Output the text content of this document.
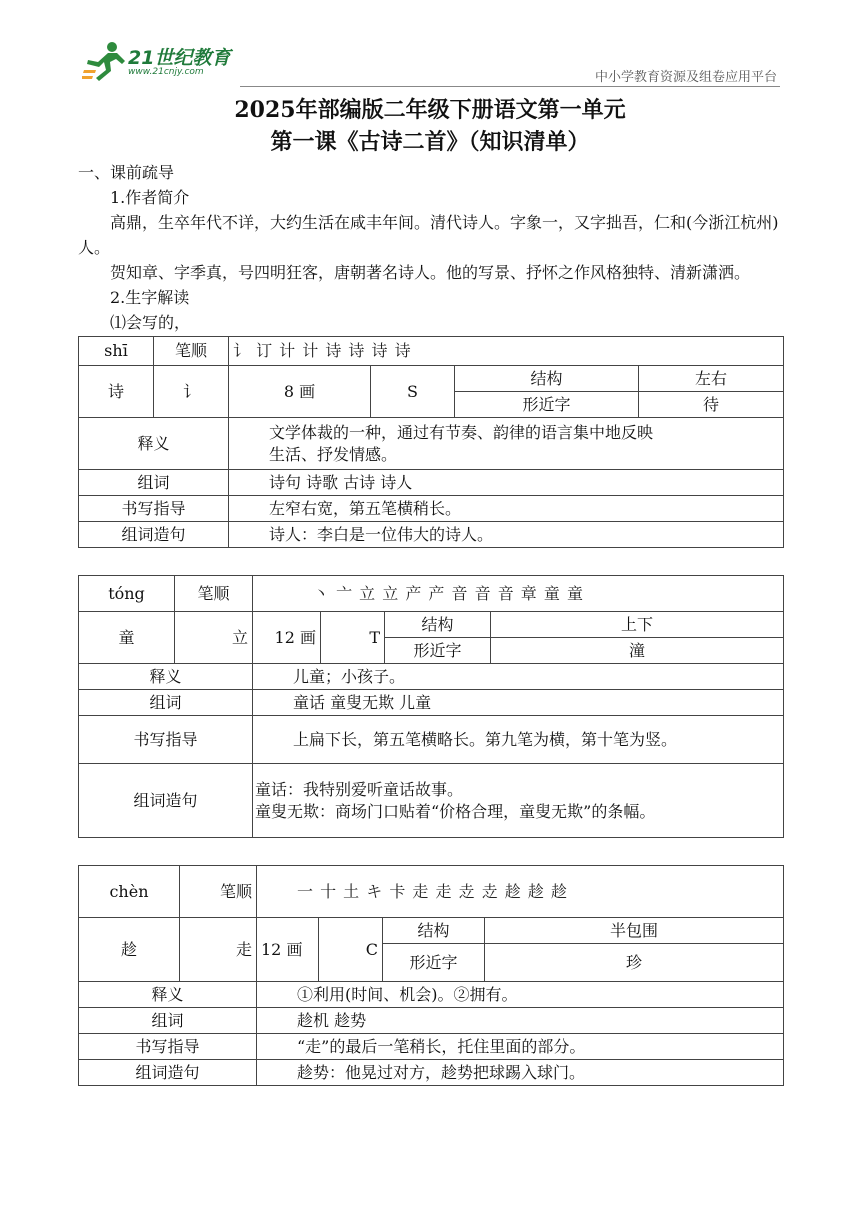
21世纪教育
www.21cnjy.com	中小学教育资源及组卷应用平台
2025年部编版二年级下册语文第一单元
第一课《古诗二首》（知识清单）

一、课前疏导

1.作者简介

高鼎，生卒年代不详，大约生活在咸丰年间。清代诗人。字象一，又字拙吾，仁和(今浙江杭州)人。

贺知章、字季真，号四明狂客，唐朝著名诗人。他的写景、抒怀之作风格独特、清新潇洒。

2.生字解读

⑴会写的，

shī	笔顺	讠 订 计 计 诗 诗 诗 诗			
诗	讠	8 画	S	结构	左右
				形近字	待
释义		文学体裁的一种，通过有节奏、韵律的语言集中地反映生活、抒发情感。			
组词		诗句 诗歌 古诗 诗人			
书写指导		左窄右宽，第五笔横稍长。			
组词造句		诗人：李白是一位伟大的诗人。			
tóng	笔顺	丶 亠 立 立 产 产 音 音 音 章 童 童			
童	立	12 画	T	结构	上下
				形近字	潼
释义		儿童；小孩子。			
组词		童话 童叟无欺 儿童			
书写指导		上扁下长，第五笔横略长。第九笔为横，第十笔为竖。			
组词造句		童话：我特别爱听童话故事。
童叟无欺：商场门口贴着“价格合理，童叟无欺”的条幅。			
chèn	笔顺	一 十 土 キ 卡 走 走 赱 赱 趁 趁 趁			
趁	走	12 画	C	结构	半包围
				形近字	珍
释义		①利用(时间、机会)。②拥有。			
组词		趁机 趁势			
书写指导		“走”的最后一笔稍长，托住里面的部分。			
组词造句		趁势：他晃过对方，趁势把球踢入球门。			
